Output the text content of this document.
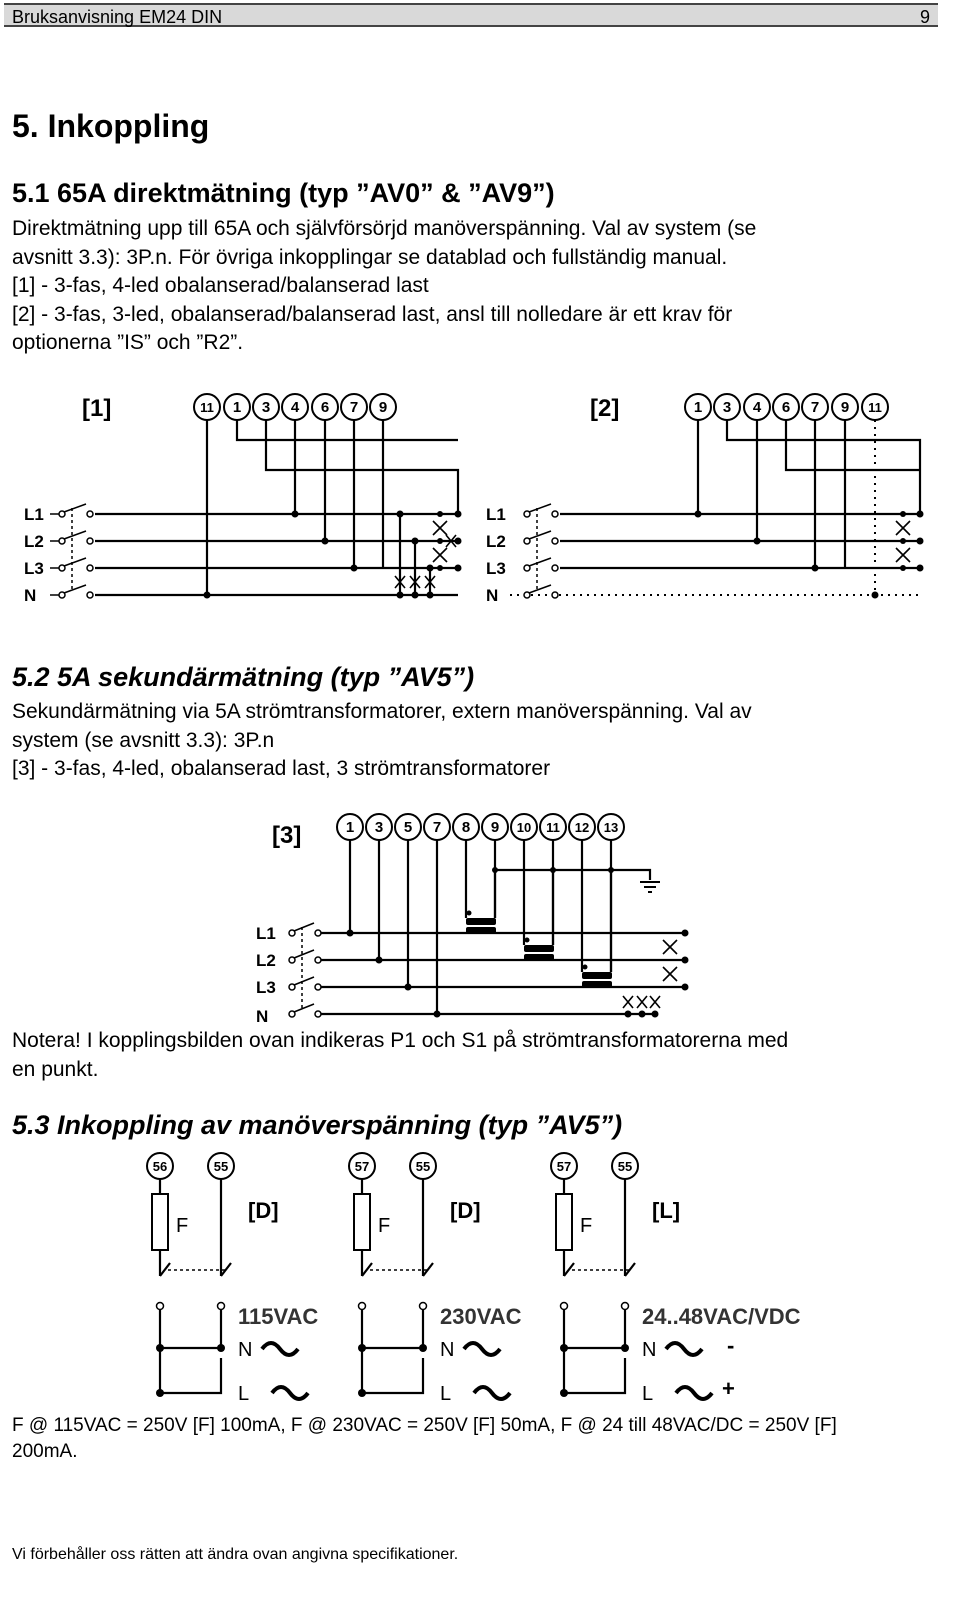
Bruksanvisning EM24 DIN	9
5. Inkoppling
5.1 65A direktmätning (typ ”AV0” & ”AV9”)
Direktmätning upp till 65A och självförsörjd manöverspänning. Val av system (se
avsnitt 3.3): 3P.n. För övriga inkopplingar se datablad och fullständig manual.
[1] - 3-fas, 4-led obalanserad/balanserad last
[2] - 3-fas, 3-led, obalanserad/balanserad last, ansl till nolledare är ett krav för
optionerna ”IS” och ”R2”.
[1]	11 1 3 4 6 7 9
L1
L2
L3
N
[2]	1 3 4 6 7 9 11
L1
L2
L3
N
5.2 5A sekundärmätning (typ ”AV5”)
Sekundärmätning via 5A strömtransformatorer, extern manöverspänning. Val av
system (se avsnitt 3.3): 3P.n
[3] - 3-fas, 4-led, obalanserad last, 3 strömtransformatorer
[3]	1 3 5 7 8 9 10 11 12 13
L1
L2
L3
N
Notera! I kopplingsbilden ovan indikeras P1 och S1 på strömtransformatorerna med
en punkt.
5.3 Inkoppling av manöverspänning (typ ”AV5”)
56	55
[D]
F
115VAC
N
L
57	55
[D]
F
230VAC
N
L
57	55
[L]
F
24..48VAC/VDC
N
L
-
+
F @ 115VAC = 250V [F] 100mA, F @ 230VAC = 250V [F] 50mA, F @ 24 till 48VAC/DC = 250V [F]
200mA.
Vi förbehåller oss rätten att ändra ovan angivna specifikationer.
